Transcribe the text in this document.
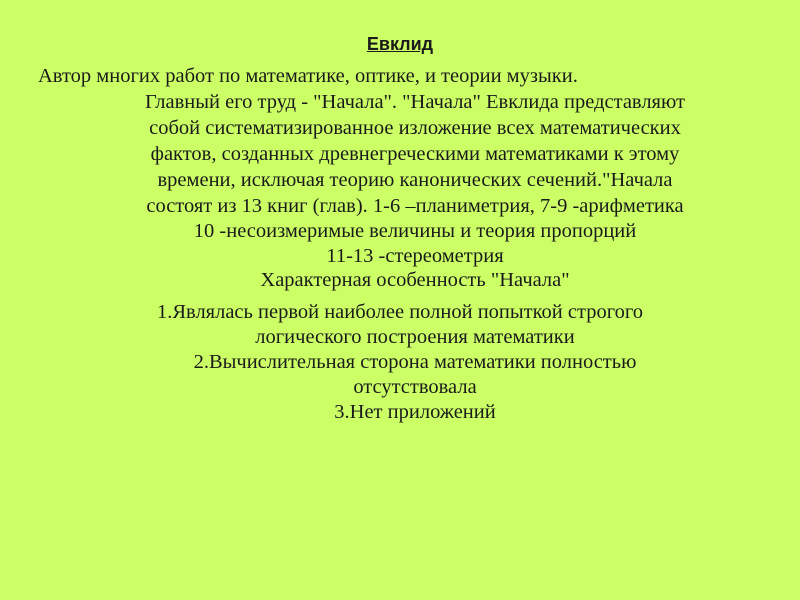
Евклид
Автор многих работ по математике, оптике, и теории музыки.
Главный его труд - "Начала". "Начала" Евклида представляют
собой систематизированное изложение всех математических
фактов, созданных древнегреческими математиками к этому
времени, исключая теорию канонических сечений."Начала
состоят из 13 книг (глав). 1-6 –планиметрия, 7-9 -арифметика
10 -несоизмеримые величины и теория пропорций
11-13 -стереометрия
Характерная особенность "Начала"
1.Являлась первой наиболее полной попыткой строгого
логического построения математики
2.Вычислительная сторона математики полностью
отсутствовала
3.Нет приложений
